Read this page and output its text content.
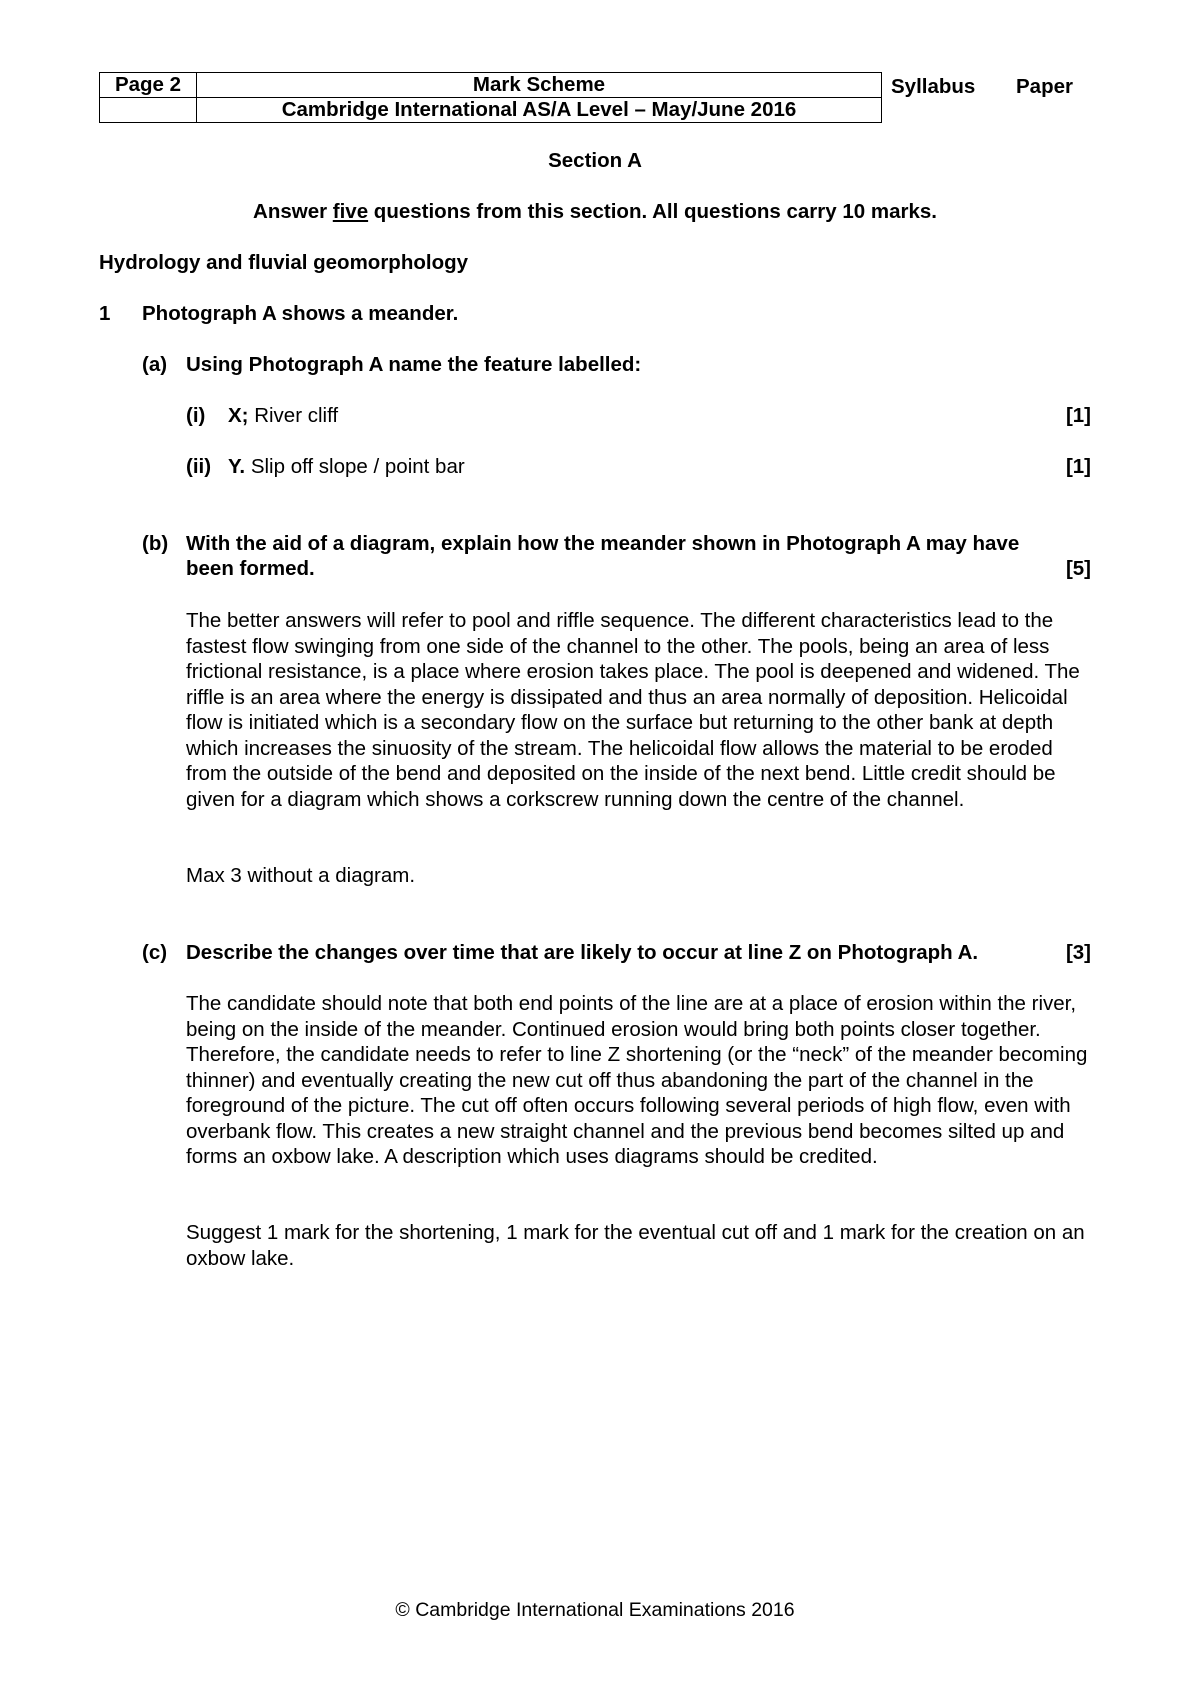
Page 2	Mark Scheme
	Cambridge International AS/A Level – May/June 2016
Syllabus Paper
Section A
Answer five questions from this section. All questions carry 10 marks.
Hydrology and fluvial geomorphology
1 Photograph A shows a meander.
(a) Using Photograph A name the feature labelled:
(i) X; River cliff	[1]
(ii) Y. Slip off slope / point bar	[1]
(b) With the aid of a diagram, explain how the meander shown in Photograph A may have
been formed.	[5]
The better answers will refer to pool and riffle sequence. The different characteristics lead to the fastest flow swinging from one side of the channel to the other. The pools, being an area of less frictional resistance, is a place where erosion takes place. The pool is deepened and widened. The riffle is an area where the energy is dissipated and thus an area normally of deposition. Helicoidal flow is initiated which is a secondary flow on the surface but returning to the other bank at depth which increases the sinuosity of the stream. The helicoidal flow allows the material to be eroded from the outside of the bend and deposited on the inside of the next bend. Little credit should be given for a diagram which shows a corkscrew running down the centre of the channel.
Max 3 without a diagram.
(c) Describe the changes over time that are likely to occur at line Z on Photograph A.	[3]
The candidate should note that both end points of the line are at a place of erosion within the river, being on the inside of the meander. Continued erosion would bring both points closer together. Therefore, the candidate needs to refer to line Z shortening (or the “neck” of the meander becoming thinner) and eventually creating the new cut off thus abandoning the part of the channel in the foreground of the picture. The cut off often occurs following several periods of high flow, even with overbank flow. This creates a new straight channel and the previous bend becomes silted up and forms an oxbow lake. A description which uses diagrams should be credited.
Suggest 1 mark for the shortening, 1 mark for the eventual cut off and 1 mark for the creation on an oxbow lake.
© Cambridge International Examinations 2016
